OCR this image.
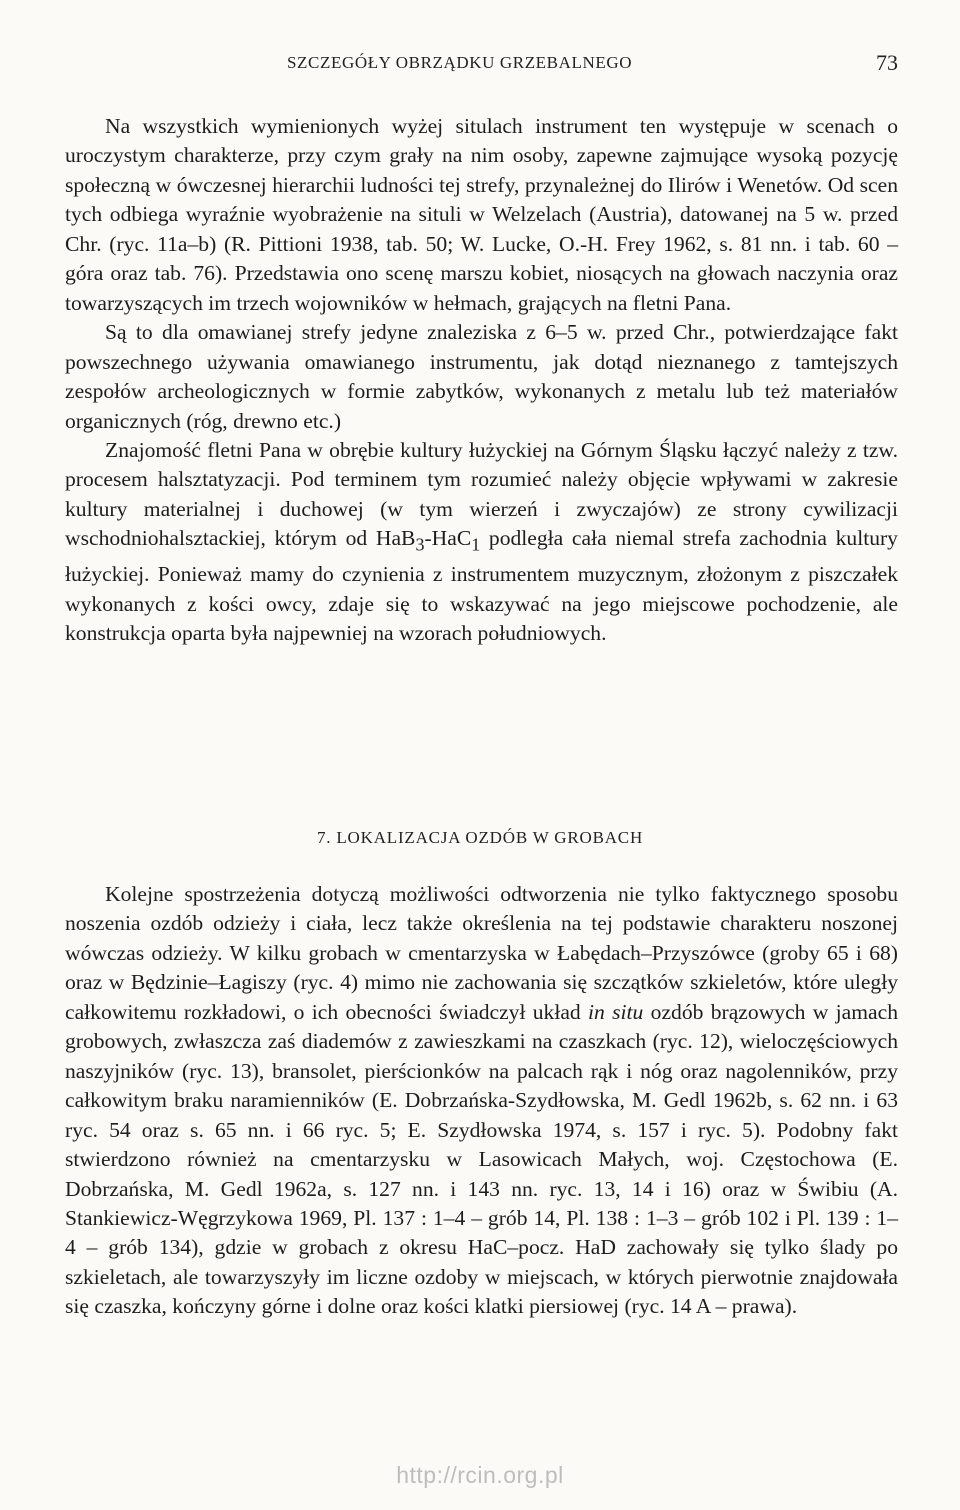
SZCZEGÓŁY OBRZĄDKU GRZEBALNEGO	73

Na wszystkich wymienionych wyżej situlach instrument ten występuje w scenach o uroczystym charakterze, przy czym grały na nim osoby, zapewne zajmujące wysoką pozycję społeczną w ówczesnej hierarchii ludności tej strefy, przynależnej do Ilirów i Wenetów. Od scen tych odbiega wyraźnie wyobrażenie na situli w Welzelach (Austria), datowanej na 5 w. przed Chr. (ryc. 11a–b) (R. Pittioni 1938, tab. 50; W. Lucke, O.-H. Frey 1962, s. 81 nn. i tab. 60 – góra oraz tab. 76). Przedstawia ono scenę marszu kobiet, niosących na głowach naczynia oraz towarzyszących im trzech wojowników w hełmach, grających na fletni Pana.

Są to dla omawianej strefy jedyne znaleziska z 6–5 w. przed Chr., potwierdzające fakt powszechnego używania omawianego instrumentu, jak dotąd nieznanego z tamtejszych zespołów archeologicznych w formie zabytków, wykonanych z metalu lub też materiałów organicznych (róg, drewno etc.)

Znajomość fletni Pana w obrębie kultury łużyckiej na Górnym Śląsku łączyć należy z tzw. procesem halsztatyzacji. Pod terminem tym rozumieć należy objęcie wpływami w zakresie kultury materialnej i duchowej (w tym wierzeń i zwyczajów) ze strony cywilizacji wschodniohalsztackiej, którym od HaB$_3$-HaC$_1$ podległa cała niemal strefa zachodnia kultury łużyckiej. Ponieważ mamy do czynienia z instrumentem muzycznym, złożonym z piszczałek wykonanych z kości owcy, zdaje się to wskazywać na jego miejscowe pochodzenie, ale konstrukcja oparta była najpewniej na wzorach południowych.

7. LOKALIZACJA OZDÓB W GROBACH

Kolejne spostrzeżenia dotyczą możliwości odtworzenia nie tylko faktycznego sposobu noszenia ozdób odzieży i ciała, lecz także określenia na tej podstawie charakteru noszonej wówczas odzieży. W kilku grobach w cmentarzyska w Łabędach–Przyszówce (groby 65 i 68) oraz w Będzinie–Łagiszy (ryc. 4) mimo nie zachowania się szczątków szkieletów, które uległy całkowitemu rozkładowi, o ich obecności świadczył układ in situ ozdób brązowych w jamach grobowych, zwłaszcza zaś diademów z zawieszkami na czaszkach (ryc. 12), wieloczęściowych naszyjników (ryc. 13), bransolet, pierścionków na palcach rąk i nóg oraz nagolenników, przy całkowitym braku naramienników (E. Dobrzańska-Szydłowska, M. Gedl 1962b, s. 62 nn. i 63 ryc. 54 oraz s. 65 nn. i 66 ryc. 5; E. Szydłowska 1974, s. 157 i ryc. 5). Podobny fakt stwierdzono również na cmentarzysku w Lasowicach Małych, woj. Częstochowa (E. Dobrzańska, M. Gedl 1962a, s. 127 nn. i 143 nn. ryc. 13, 14 i 16) oraz w Świbiu (A. Stankiewicz-Węgrzykowa 1969, Pl. 137 : 1–4 – grób 14, Pl. 138 : 1–3 – grób 102 i Pl. 139 : 1–4 – grób 134), gdzie w grobach z okresu HaC–pocz. HaD zachowały się tylko ślady po szkieletach, ale towarzyszyły im liczne ozdoby w miejscach, w których pierwotnie znajdowała się czaszka, kończyny górne i dolne oraz kości klatki piersiowej (ryc. 14 A – prawa).

http://rcin.org.pl
